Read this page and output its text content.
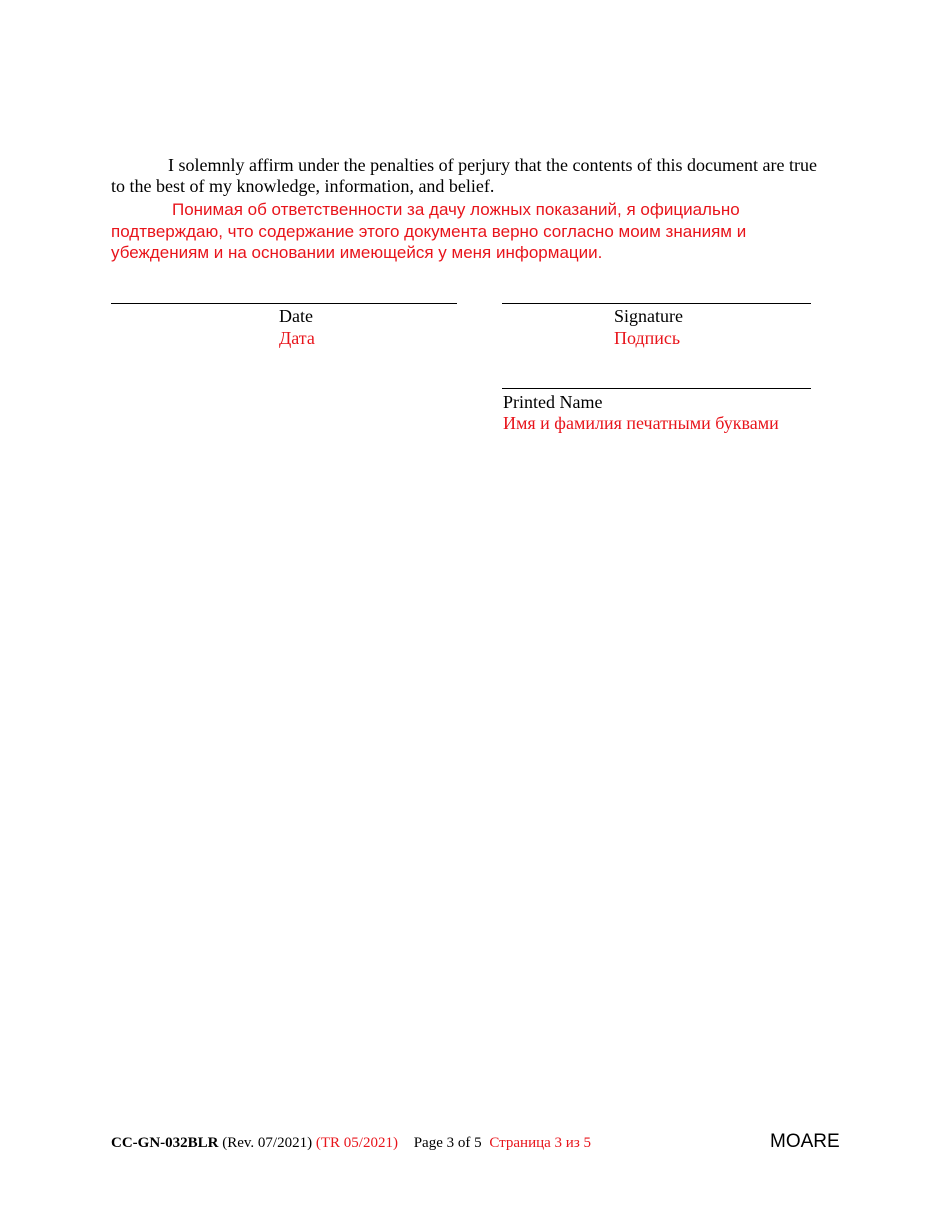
I solemnly affirm under the penalties of perjury that the contents of this document are true to the best of my knowledge, information, and belief.

Понимая об ответственности за дачу ложных показаний, я официально подтверждаю, что содержание этого документа верно согласно моим знаниям и убеждениям и на основании имеющейся у меня информации.

Date
Дата
Signature
Подпись
Printed Name
Имя и фамилия печатными буквами
CC-GN-032BLR (Rev. 07/2021) (TR 05/2021) Page 3 of 5 Страница 3 из 5	MOARE
